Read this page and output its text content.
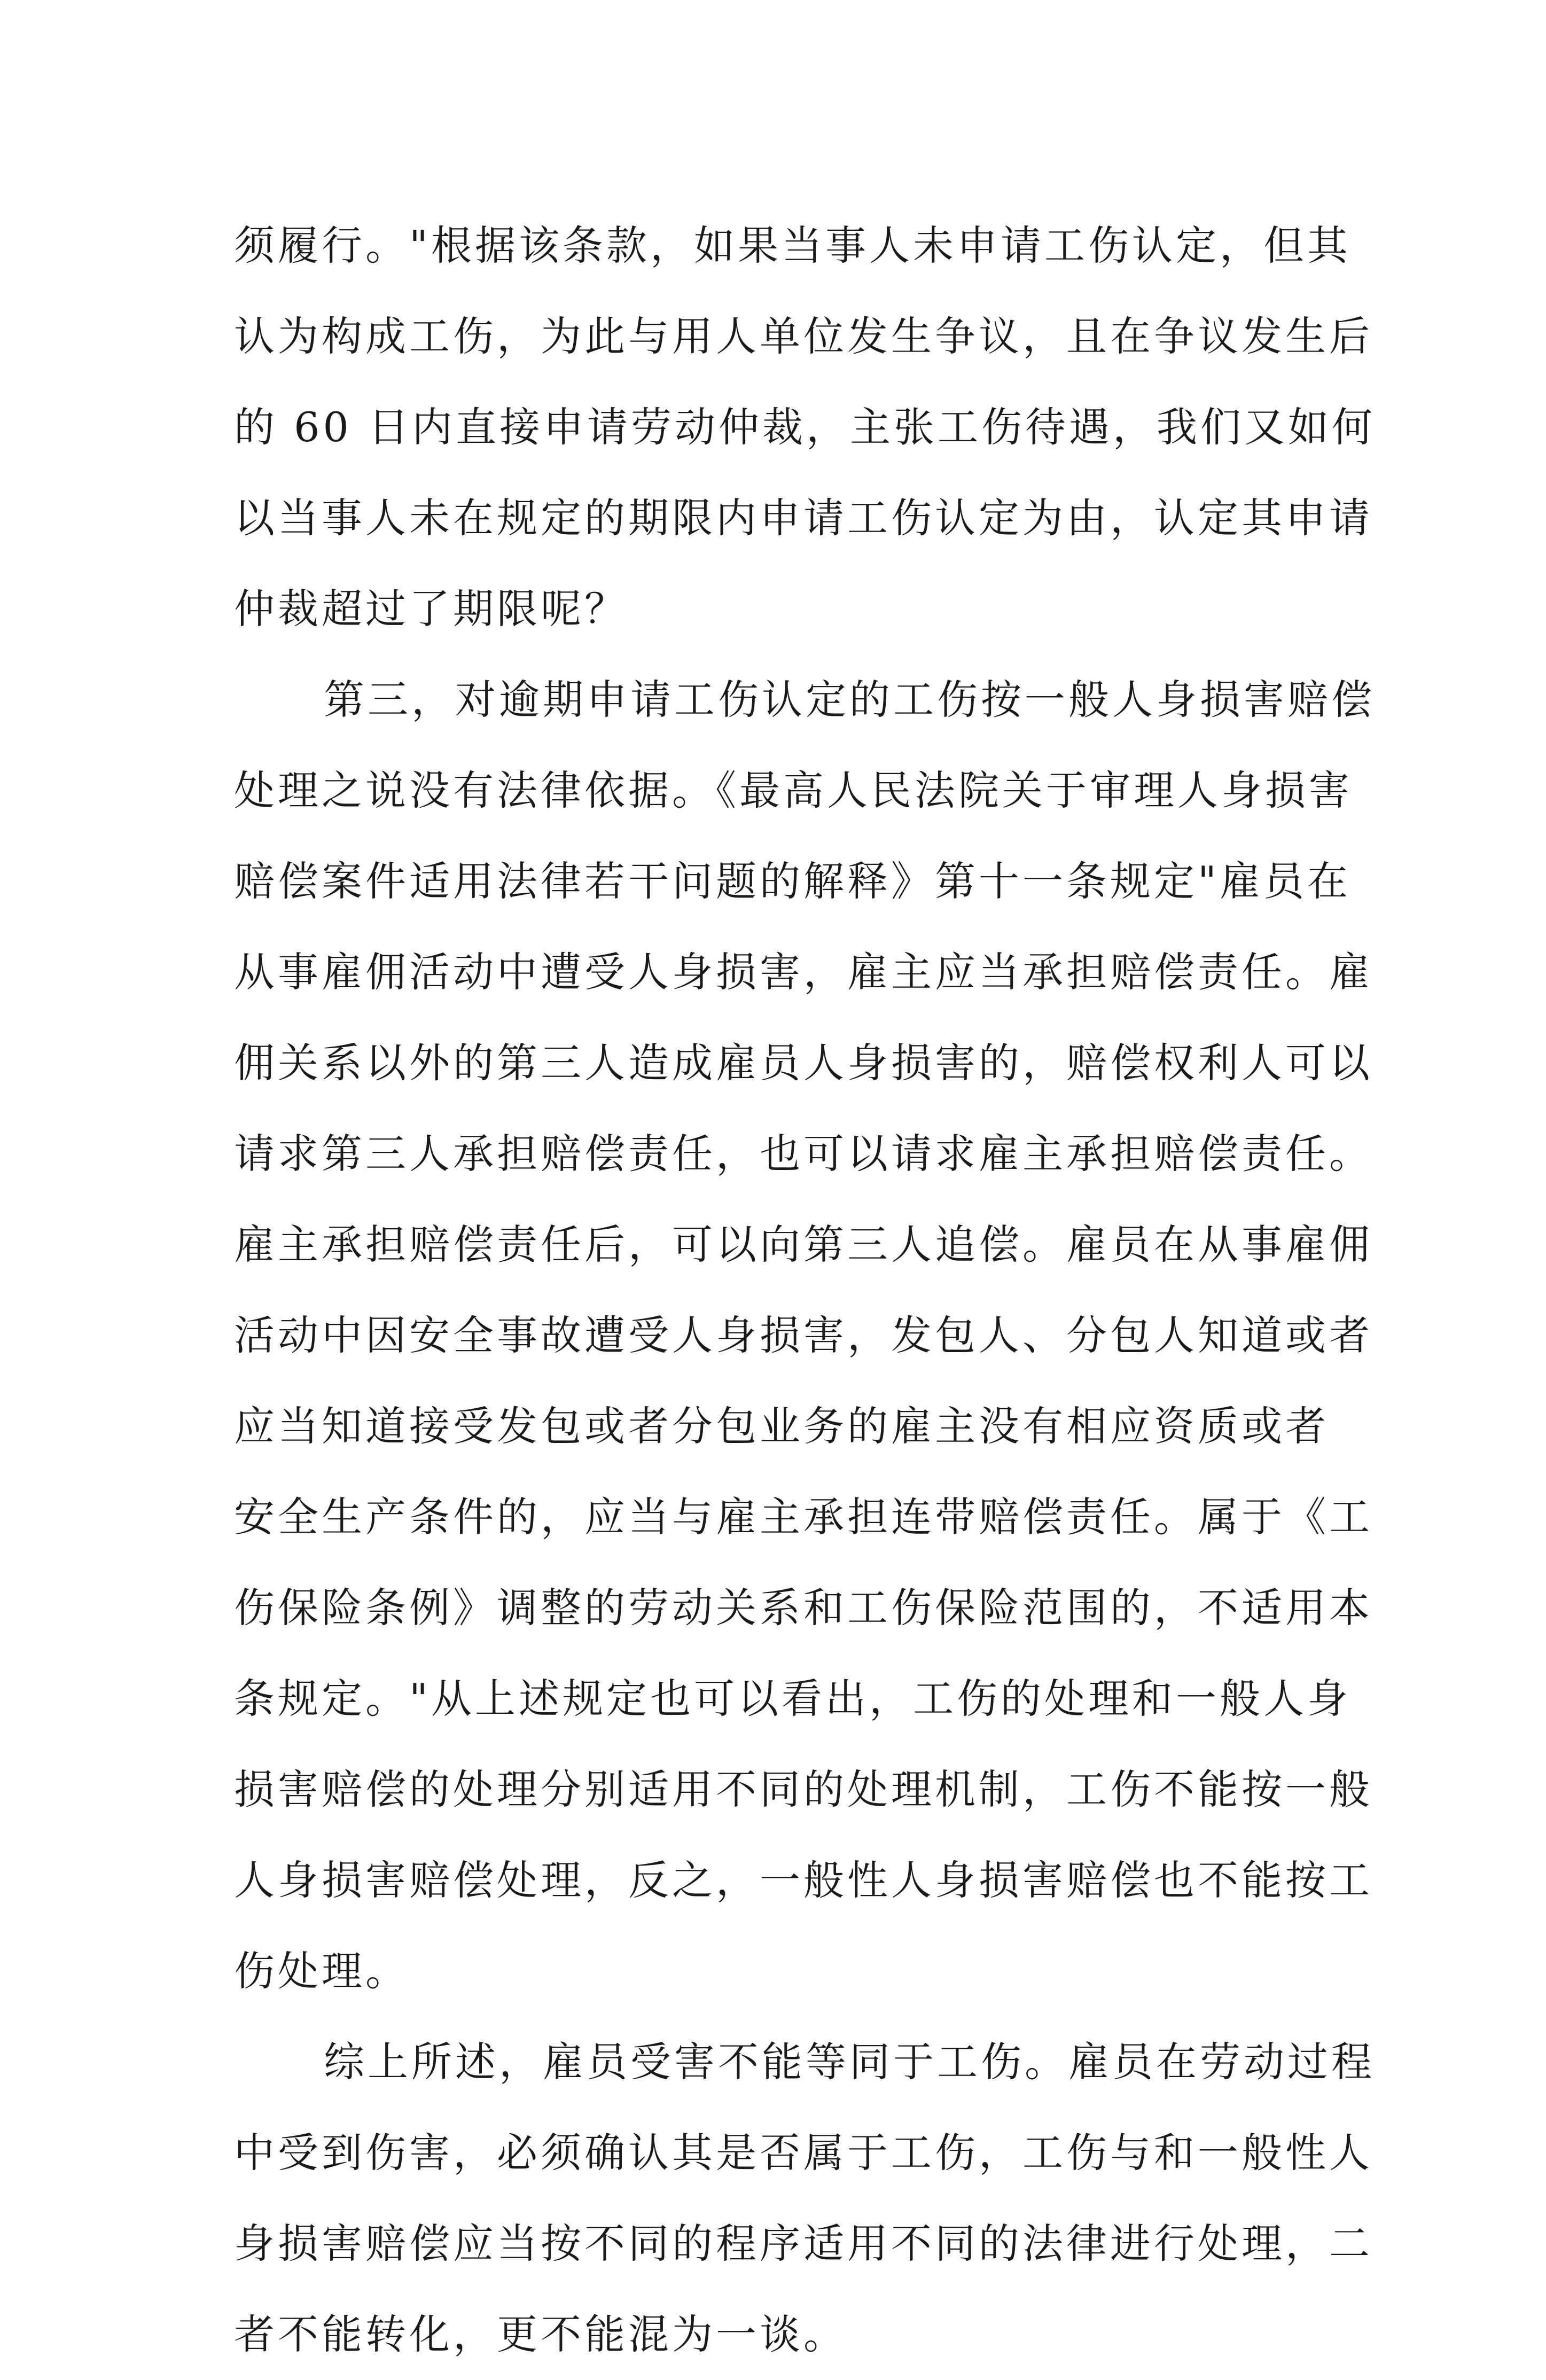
须履行。"根据该条款，如果当事人未申请工伤认定，但其
认为构成工伤，为此与用人单位发生争议，且在争议发生后
的 60 日内直接申请劳动仲裁，主张工伤待遇，我们又如何
以当事人未在规定的期限内申请工伤认定为由，认定其申请
仲裁超过了期限呢？
第三，对逾期申请工伤认定的工伤按一般人身损害赔偿
处理之说没有法律依据。《最高人民法院关于审理人身损害
赔偿案件适用法律若干问题的解释》第十一条规定"雇员在
从事雇佣活动中遭受人身损害，雇主应当承担赔偿责任。雇
佣关系以外的第三人造成雇员人身损害的，赔偿权利人可以
请求第三人承担赔偿责任，也可以请求雇主承担赔偿责任。
雇主承担赔偿责任后，可以向第三人追偿。雇员在从事雇佣
活动中因安全事故遭受人身损害，发包人、分包人知道或者
应当知道接受发包或者分包业务的雇主没有相应资质或者
安全生产条件的，应当与雇主承担连带赔偿责任。属于《工
伤保险条例》调整的劳动关系和工伤保险范围的，不适用本
条规定。"从上述规定也可以看出，工伤的处理和一般人身
损害赔偿的处理分别适用不同的处理机制，工伤不能按一般
人身损害赔偿处理，反之，一般性人身损害赔偿也不能按工
伤处理。
综上所述，雇员受害不能等同于工伤。雇员在劳动过程
中受到伤害，必须确认其是否属于工伤，工伤与和一般性人
身损害赔偿应当按不同的程序适用不同的法律进行处理，二
者不能转化，更不能混为一谈。
